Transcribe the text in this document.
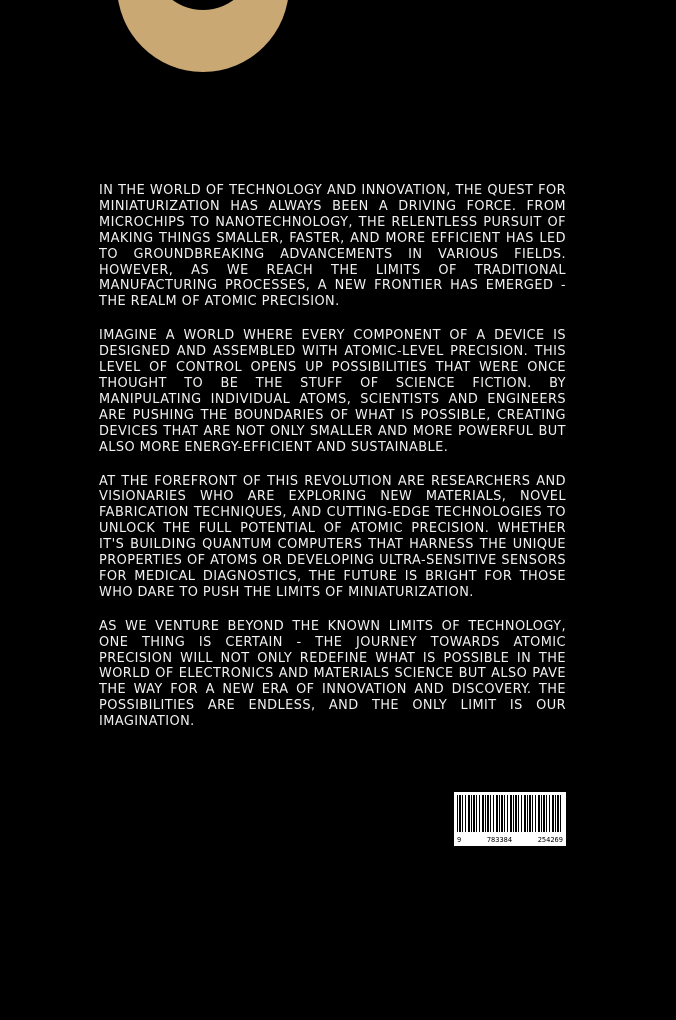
IN THE WORLD OF TECHNOLOGY AND INNOVATION, THE QUEST FOR MINIATURIZATION HAS ALWAYS BEEN A DRIVING FORCE. FROM MICROCHIPS TO NANOTECHNOLOGY, THE RELENTLESS PURSUIT OF MAKING THINGS SMALLER, FASTER, AND MORE EFFICIENT HAS LED TO GROUNDBREAKING ADVANCEMENTS IN VARIOUS FIELDS. HOWEVER, AS WE REACH THE LIMITS OF TRADITIONAL MANUFACTURING PROCESSES, A NEW FRONTIER HAS EMERGED - THE REALM OF ATOMIC PRECISION.

IMAGINE A WORLD WHERE EVERY COMPONENT OF A DEVICE IS DESIGNED AND ASSEMBLED WITH ATOMIC-LEVEL PRECISION. THIS LEVEL OF CONTROL OPENS UP POSSIBILITIES THAT WERE ONCE THOUGHT TO BE THE STUFF OF SCIENCE FICTION. BY MANIPULATING INDIVIDUAL ATOMS, SCIENTISTS AND ENGINEERS ARE PUSHING THE BOUNDARIES OF WHAT IS POSSIBLE, CREATING DEVICES THAT ARE NOT ONLY SMALLER AND MORE POWERFUL BUT ALSO MORE ENERGY-EFFICIENT AND SUSTAINABLE.

AT THE FOREFRONT OF THIS REVOLUTION ARE RESEARCHERS AND VISIONARIES WHO ARE EXPLORING NEW MATERIALS, NOVEL FABRICATION TECHNIQUES, AND CUTTING-EDGE TECHNOLOGIES TO UNLOCK THE FULL POTENTIAL OF ATOMIC PRECISION. WHETHER IT'S BUILDING QUANTUM COMPUTERS THAT HARNESS THE UNIQUE PROPERTIES OF ATOMS OR DEVELOPING ULTRA-SENSITIVE SENSORS FOR MEDICAL DIAGNOSTICS, THE FUTURE IS BRIGHT FOR THOSE WHO DARE TO PUSH THE LIMITS OF MINIATURIZATION.

AS WE VENTURE BEYOND THE KNOWN LIMITS OF TECHNOLOGY, ONE THING IS CERTAIN - THE JOURNEY TOWARDS ATOMIC PRECISION WILL NOT ONLY REDEFINE WHAT IS POSSIBLE IN THE WORLD OF ELECTRONICS AND MATERIALS SCIENCE BUT ALSO PAVE THE WAY FOR A NEW ERA OF INNOVATION AND DISCOVERY. THE POSSIBILITIES ARE ENDLESS, AND THE ONLY LIMIT IS OUR IMAGINATION.

9	783384	254269
